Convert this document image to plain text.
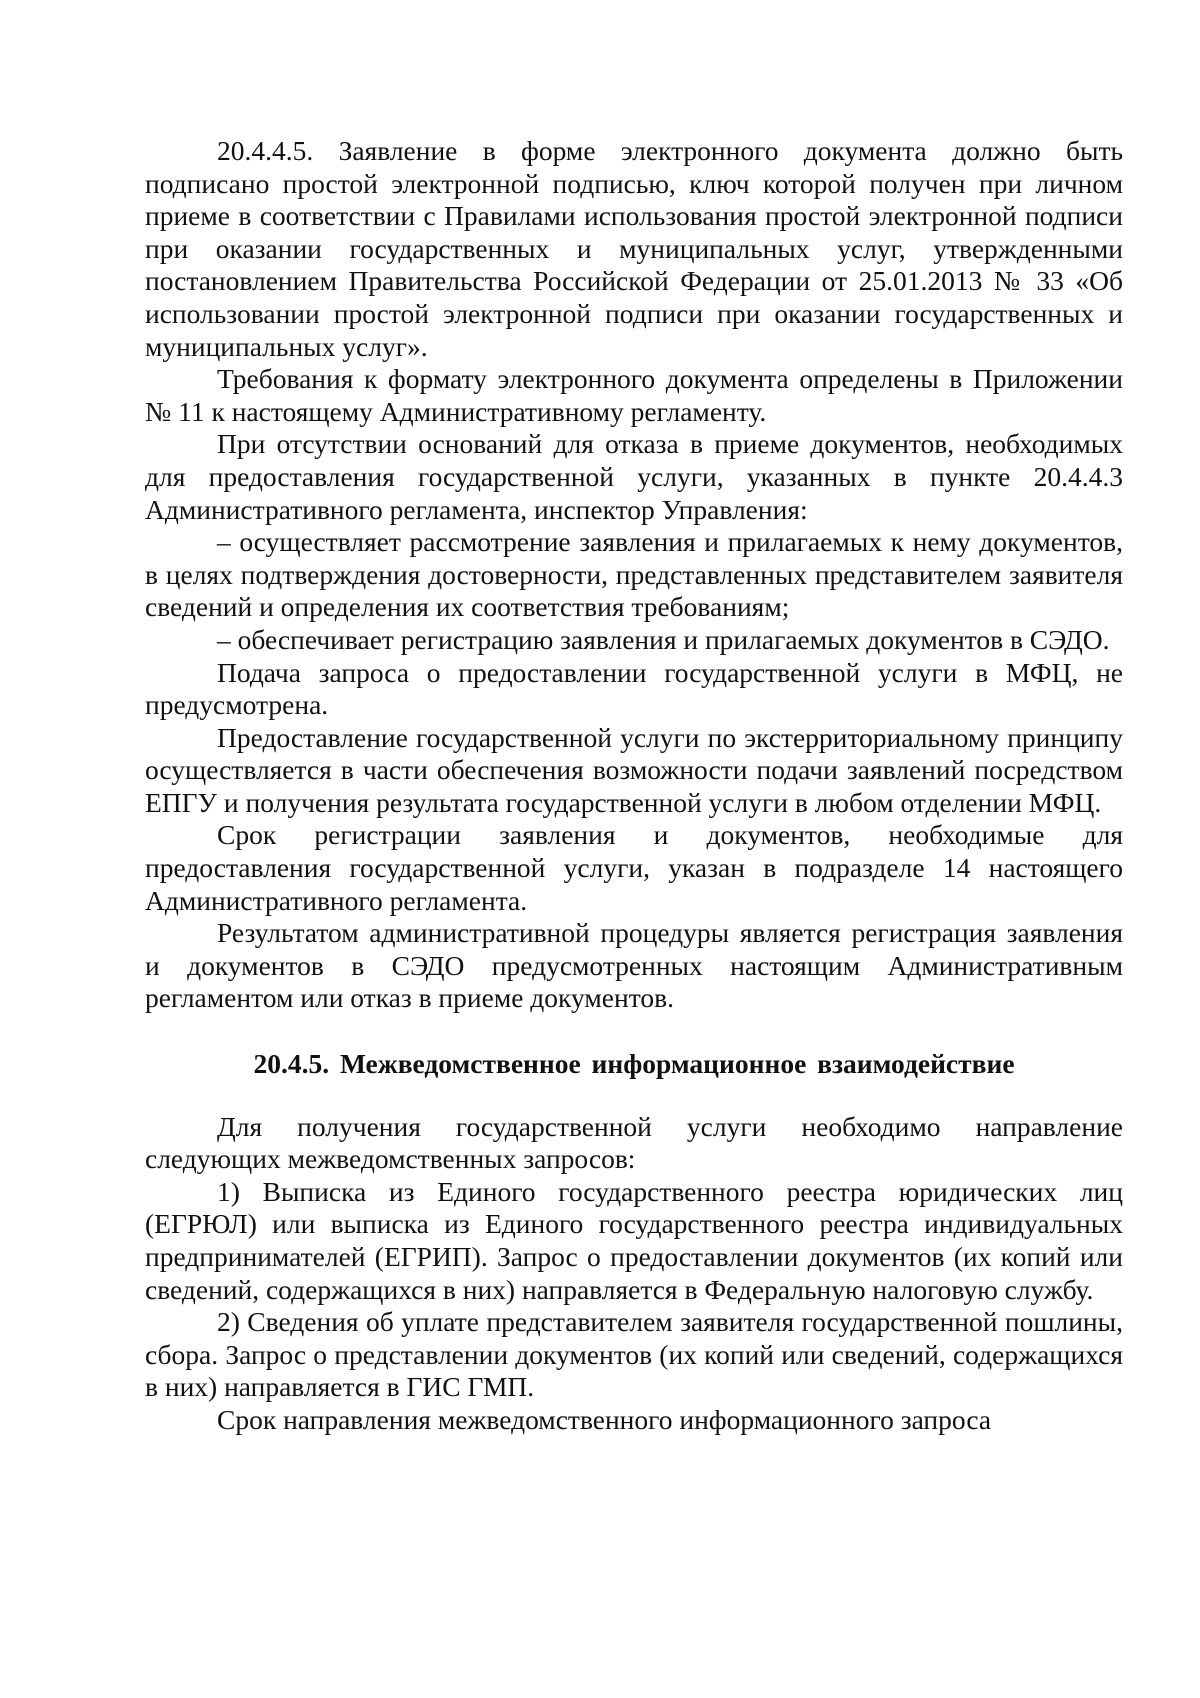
20.4.4.5. Заявление в форме электронного документа должно быть подписано простой электронной подписью, ключ которой получен при личном приеме в соответствии с Правилами использования простой электронной подписи при оказании государственных и муниципальных услуг, утвержденными постановлением Правительства Российской Федерации от 25.01.2013 № 33 «Об использовании простой электронной подписи при оказании государственных и муниципальных услуг».

Требования к формату электронного документа определены в Приложении № 11 к настоящему Административному регламенту.

При отсутствии оснований для отказа в приеме документов, необходимых для предоставления государственной услуги, указанных в пункте 20.4.4.3 Административного регламента, инспектор Управления:

– осуществляет рассмотрение заявления и прилагаемых к нему документов, в целях подтверждения достоверности, представленных представителем заявителя сведений и определения их соответствия требованиям;

– обеспечивает регистрацию заявления и прилагаемых документов в СЭДО.

Подача запроса о предоставлении государственной услуги в МФЦ, не предусмотрена.

Предоставление государственной услуги по экстерриториальному принципу осуществляется в части обеспечения возможности подачи заявлений посредством ЕПГУ и получения результата государственной услуги в любом отделении МФЦ.

Срок регистрации заявления и документов, необходимые для предоставления государственной услуги, указан в подразделе 14 настоящего Административного регламента.

Результатом административной процедуры является регистрация заявления и документов в СЭДО предусмотренных настоящим Административным регламентом или отказ в приеме документов.

20.4.5. Межведомственное информационное взаимодействие

Для получения государственной услуги необходимо направление следующих межведомственных запросов:

1) Выписка из Единого государственного реестра юридических лиц (ЕГРЮЛ) или выписка из Единого государственного реестра индивидуальных предпринимателей (ЕГРИП). Запрос о предоставлении документов (их копий или сведений, содержащихся в них) направляется в Федеральную налоговую службу.

2) Сведения об уплате представителем заявителя государственной пошлины, сбора. Запрос о представлении документов (их копий или сведений, содержащихся в них) направляется в ГИС ГМП.

Срок направления межведомственного информационного запроса
